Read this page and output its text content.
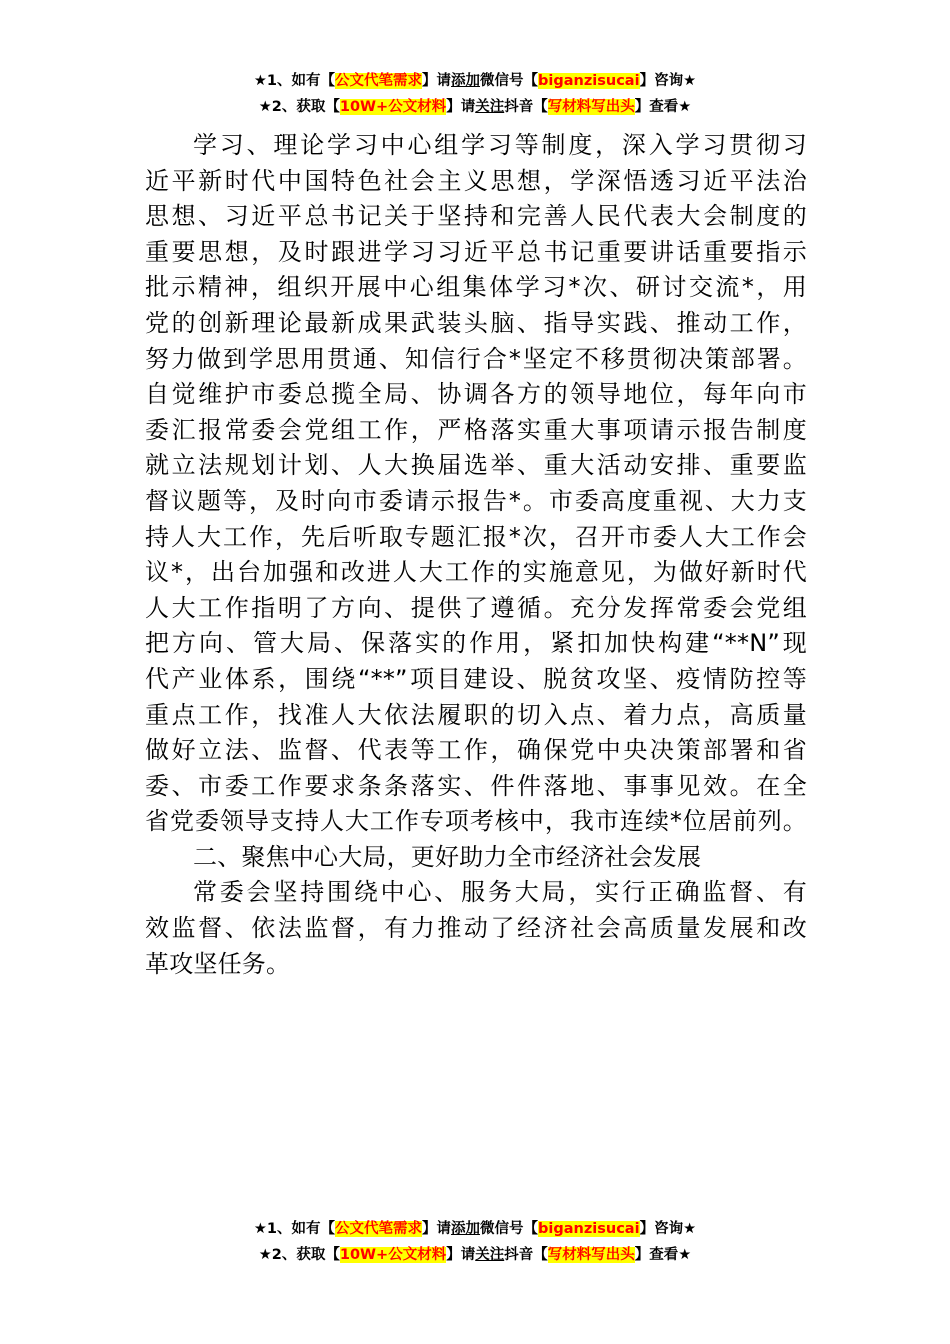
★1、如有【公文代笔需求】请添加微信号【biganzisucai】咨询★
★2、获取【10W+公文材料】请关注抖音【写材料写出头】查看★
学习、理论学习中心组学习等制度，深入学习贯彻习
近平新时代中国特色社会主义思想，学深悟透习近平法治
思想、习近平总书记关于坚持和完善人民代表大会制度的
重要思想，及时跟进学习习近平总书记重要讲话重要指示
批示精神，组织开展中心组集体学习*次、研讨交流*，用
党的创新理论最新成果武装头脑、指导实践、推动工作，
努力做到学思用贯通、知信行合*坚定不移贯彻决策部署。
自觉维护市委总揽全局、协调各方的领导地位，每年向市
委汇报常委会党组工作，严格落实重大事项请示报告制度
就立法规划计划、人大换届选举、重大活动安排、重要监
督议题等，及时向市委请示报告*。市委高度重视、大力支
持人大工作，先后听取专题汇报*次，召开市委人大工作会
议*，出台加强和改进人大工作的实施意见，为做好新时代
人大工作指明了方向、提供了遵循。充分发挥常委会党组
把方向、管大局、保落实的作用，紧扣加快构建“**N”现
代产业体系，围绕“**”项目建设、脱贫攻坚、疫情防控等
重点工作，找准人大依法履职的切入点、着力点，高质量
做好立法、监督、代表等工作，确保党中央决策部署和省
委、市委工作要求条条落实、件件落地、事事见效。在全
省党委领导支持人大工作专项考核中，我市连续*位居前列。
二、聚焦中心大局，更好助力全市经济社会发展
常委会坚持围绕中心、服务大局，实行正确监督、有
效监督、依法监督，有力推动了经济社会高质量发展和改
革攻坚任务。
★1、如有【公文代笔需求】请添加微信号【biganzisucai】咨询★
★2、获取【10W+公文材料】请关注抖音【写材料写出头】查看★
